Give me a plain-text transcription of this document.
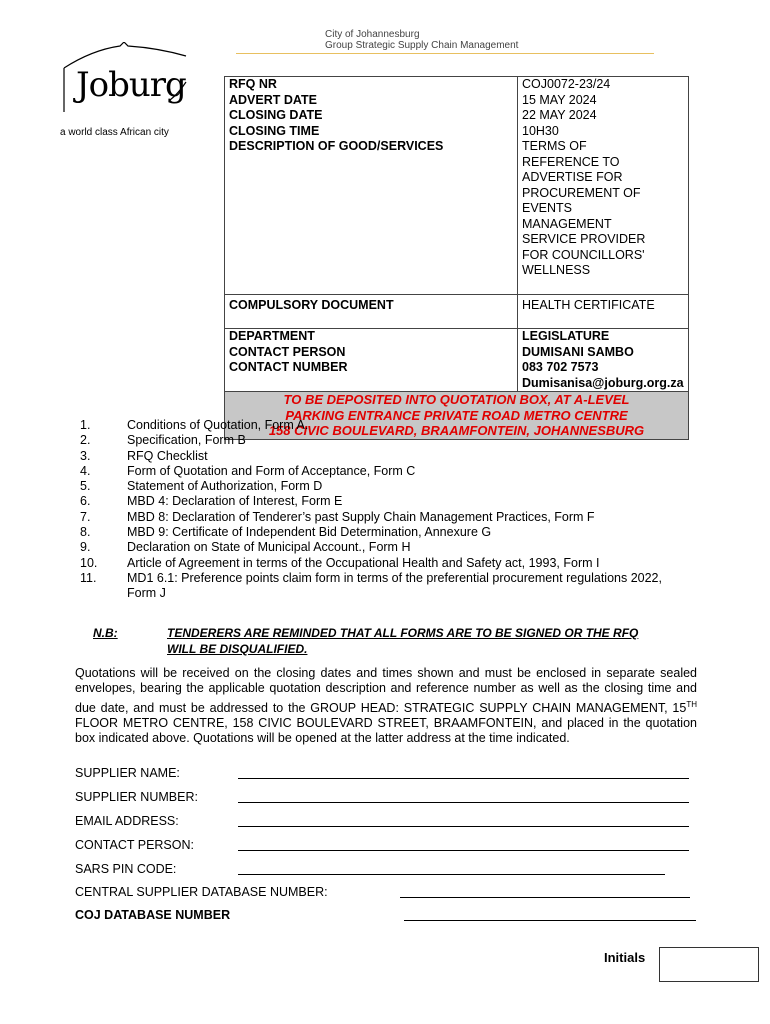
City of Johannesburg
Group Strategic Supply Chain Management
Joburg
a world class African city
RFQ NR	COJ0072-23/24
ADVERT DATE	15 MAY 2024
CLOSING DATE	22 MAY 2024
CLOSING TIME	10H30
DESCRIPTION OF GOOD/SERVICES	TERMS OF REFERENCE TO ADVERTISE FOR PROCUREMENT OF EVENTS MANAGEMENT SERVICE PROVIDER FOR COUNCILLORS' WELLNESS
COMPULSORY DOCUMENT	HEALTH CERTIFICATE
DEPARTMENT	LEGISLATURE
CONTACT PERSON	DUMISANI SAMBO
CONTACT NUMBER	083 702 7573
Dumisanisa@joburg.org.za

TO BE DEPOSITED INTO QUOTATION BOX, AT A-LEVEL
PARKING ENTRANCE PRIVATE ROAD METRO CENTRE
158 CIVIC BOULEVARD, BRAAMFONTEIN, JOHANNESBURG	
1.	Conditions of Quotation, Form A.
2.	Specification, Form B
3.	RFQ Checklist
4.	Form of Quotation and Form of Acceptance, Form C
5.	Statement of Authorization, Form D
6.	MBD 4: Declaration of Interest, Form E
7.	MBD 8: Declaration of Tenderer’s past Supply Chain Management Practices, Form F
8.	MBD 9: Certificate of Independent Bid Determination, Annexure G
9.	Declaration on State of Municipal Account., Form H
10.	Article of Agreement in terms of the Occupational Health and Safety act, 1993, Form I
11.	MD1 6.1: Preference points claim form in terms of the preferential procurement regulations 2022, Form J
N.B:	TENDERERS ARE REMINDED THAT ALL FORMS ARE TO BE SIGNED OR THE RFQ WILL BE DISQUALIFIED.
Quotations will be received on the closing dates and times shown and must be enclosed in separate sealed envelopes, bearing the applicable quotation description and reference number as well as the closing time and due date, and must be addressed to the GROUP HEAD: STRATEGIC SUPPLY CHAIN MANAGEMENT, 15TH FLOOR METRO CENTRE, 158 CIVIC BOULEVARD STREET, BRAAMFONTEIN, and placed in the quotation box indicated above. Quotations will be opened at the latter address at the time indicated.
SUPPLIER NAME:
SUPPLIER NUMBER:
EMAIL ADDRESS:
CONTACT PERSON:
SARS PIN CODE:
CENTRAL SUPPLIER DATABASE NUMBER:
COJ DATABASE NUMBER
Initials
